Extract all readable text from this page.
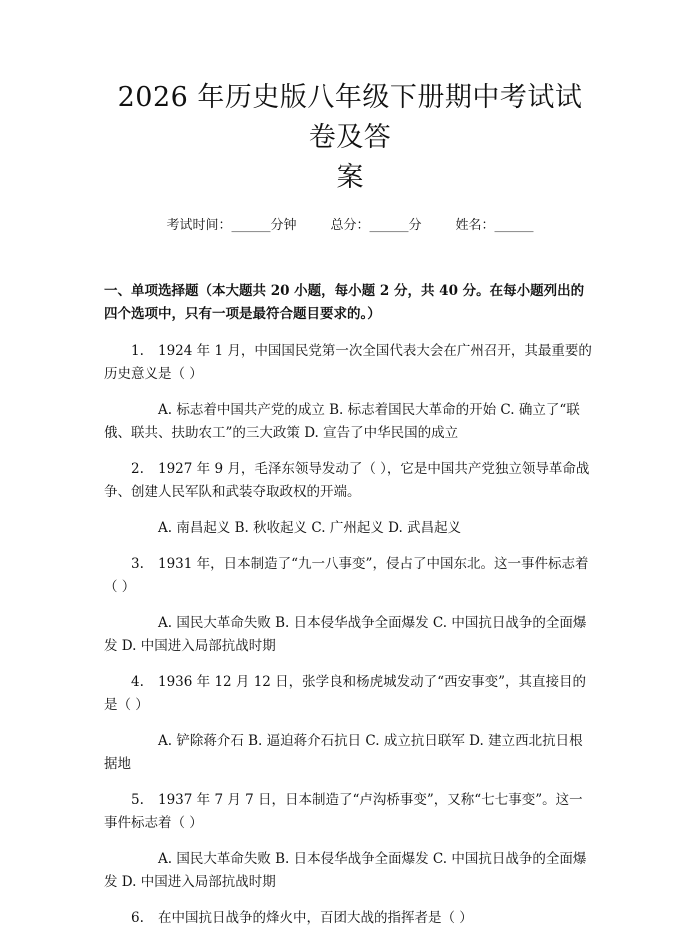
2026 年历史版八年级下册期中考试试卷及答
案
考试时间：______分钟	总分：______分	姓名：______
一、单项选择题（本大题共 20 小题，每小题 2 分，共 40 分。在每小题列出的四个选项中，只有一项是最符合题目要求的。）

1. 1924 年 1 月，中国国民党第一次全国代表大会在广州召开，其最重要的历史意义是（ ）

A. 标志着中国共产党的成立 B. 标志着国民大革命的开始 C. 确立了“联俄、联共、扶助农工”的三大政策 D. 宣告了中华民国的成立

2. 1927 年 9 月，毛泽东领导发动了（ ），它是中国共产党独立领导革命战争、创建人民军队和武装夺取政权的开端。

A. 南昌起义 B. 秋收起义 C. 广州起义 D. 武昌起义

3. 1931 年，日本制造了“九一八事变”，侵占了中国东北。这一事件标志着（ ）

A. 国民大革命失败 B. 日本侵华战争全面爆发 C. 中国抗日战争的全面爆发 D. 中国进入局部抗战时期

4. 1936 年 12 月 12 日，张学良和杨虎城发动了“西安事变”，其直接目的是（ ）

A. 铲除蒋介石 B. 逼迫蒋介石抗日 C. 成立抗日联军 D. 建立西北抗日根据地

5. 1937 年 7 月 7 日，日本制造了“卢沟桥事变”，又称“七七事变”。这一事件标志着（ ）

A. 国民大革命失败 B. 日本侵华战争全面爆发 C. 中国抗日战争的全面爆发 D. 中国进入局部抗战时期

6. 在中国抗日战争的烽火中，百团大战的指挥者是（ ）
